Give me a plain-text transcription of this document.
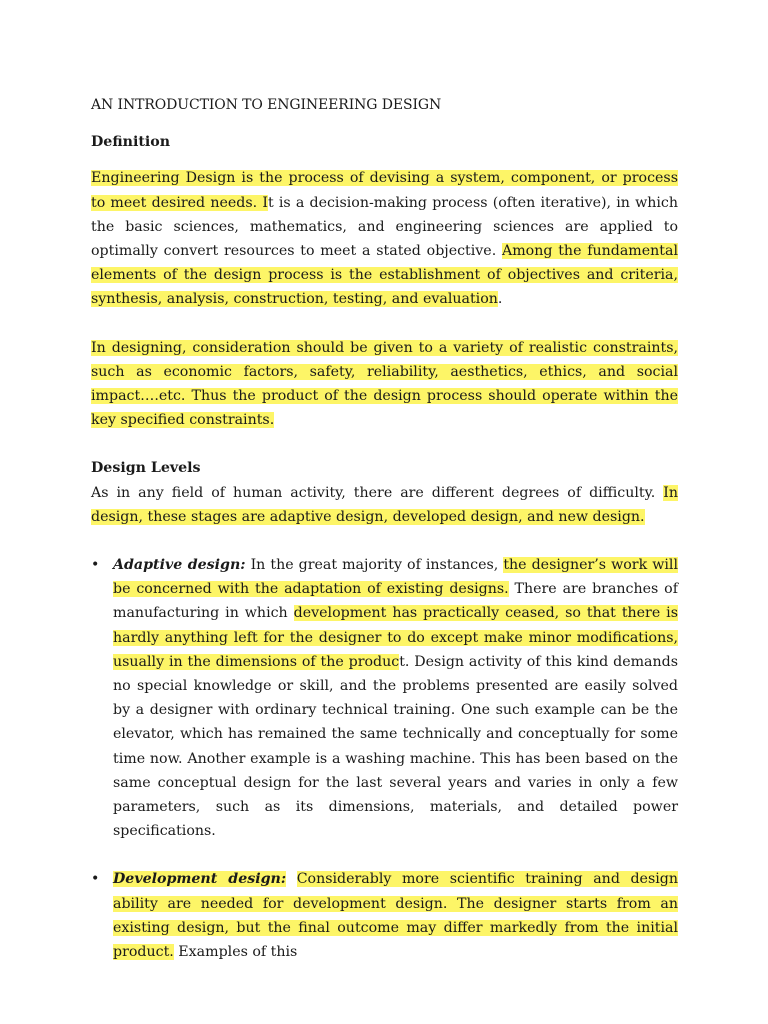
AN INTRODUCTION TO ENGINEERING DESIGN
Definition

Engineering Design is the process of devising a system, component, or process to meet desired needs. It is a decision-making process (often iterative), in which the basic sciences, mathematics, and engineering sciences are applied to optimally convert resources to meet a stated objective. Among the fundamental elements of the design process is the establishment of objectives and criteria, synthesis, analysis, construction, testing, and evaluation.

In designing, consideration should be given to a variety of realistic constraints, such as economic factors, safety, reliability, aesthetics, ethics, and social impact….etc. Thus the product of the design process should operate within the key specified constraints.

Design Levels

As in any field of human activity, there are different degrees of difficulty. In design, these stages are adaptive design, developed design, and new design.

• Adaptive design: In the great majority of instances, the designer’s work will be concerned with the adaptation of existing designs. There are branches of manufacturing in which development has practically ceased, so that there is hardly anything left for the designer to do except make minor modifications, usually in the dimensions of the product. Design activity of this kind demands no special knowledge or skill, and the problems presented are easily solved by a designer with ordinary technical training. One such example can be the elevator, which has remained the same technically and conceptually for some time now. Another example is a washing machine. This has been based on the same conceptual design for the last several years and varies in only a few parameters, such as its dimensions, materials, and detailed power specifications.
• Development design: Considerably more scientific training and design ability are needed for development design. The designer starts from an existing design, but the final outcome may differ markedly from the initial product. Examples of this
